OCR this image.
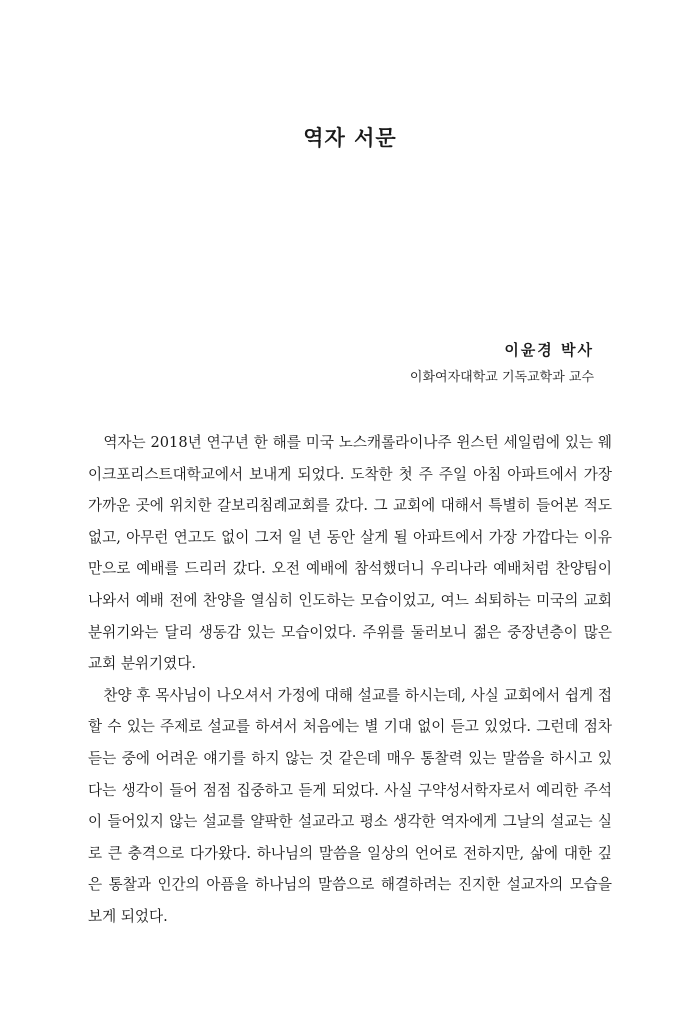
역자 서문
이윤경 박사
이화여자대학교 기독교학과 교수

역자는 2018년 연구년 한 해를 미국 노스캐롤라이나주 윈스턴 세일럼에 있는 웨이크포리스트대학교에서 보내게 되었다. 도착한 첫 주 주일 아침 아파트에서 가장 가까운 곳에 위치한 갈보리침례교회를 갔다. 그 교회에 대해서 특별히 들어본 적도 없고, 아무런 연고도 없이 그저 일 년 동안 살게 될 아파트에서 가장 가깝다는 이유만으로 예배를 드리러 갔다. 오전 예배에 참석했더니 우리나라 예배처럼 찬양팀이 나와서 예배 전에 찬양을 열심히 인도하는 모습이었고, 여느 쇠퇴하는 미국의 교회 분위기와는 달리 생동감 있는 모습이었다. 주위를 둘러보니 젊은 중장년층이 많은 교회 분위기였다.

찬양 후 목사님이 나오셔서 가정에 대해 설교를 하시는데, 사실 교회에서 쉽게 접할 수 있는 주제로 설교를 하셔서 처음에는 별 기대 없이 듣고 있었다. 그런데 점차 듣는 중에 어려운 얘기를 하지 않는 것 같은데 매우 통찰력 있는 말씀을 하시고 있다는 생각이 들어 점점 집중하고 듣게 되었다. 사실 구약성서학자로서 예리한 주석이 들어있지 않는 설교를 얄팍한 설교라고 평소 생각한 역자에게 그날의 설교는 실로 큰 충격으로 다가왔다. 하나님의 말씀을 일상의 언어로 전하지만, 삶에 대한 깊은 통찰과 인간의 아픔을 하나님의 말씀으로 해결하려는 진지한 설교자의 모습을 보게 되었다.
